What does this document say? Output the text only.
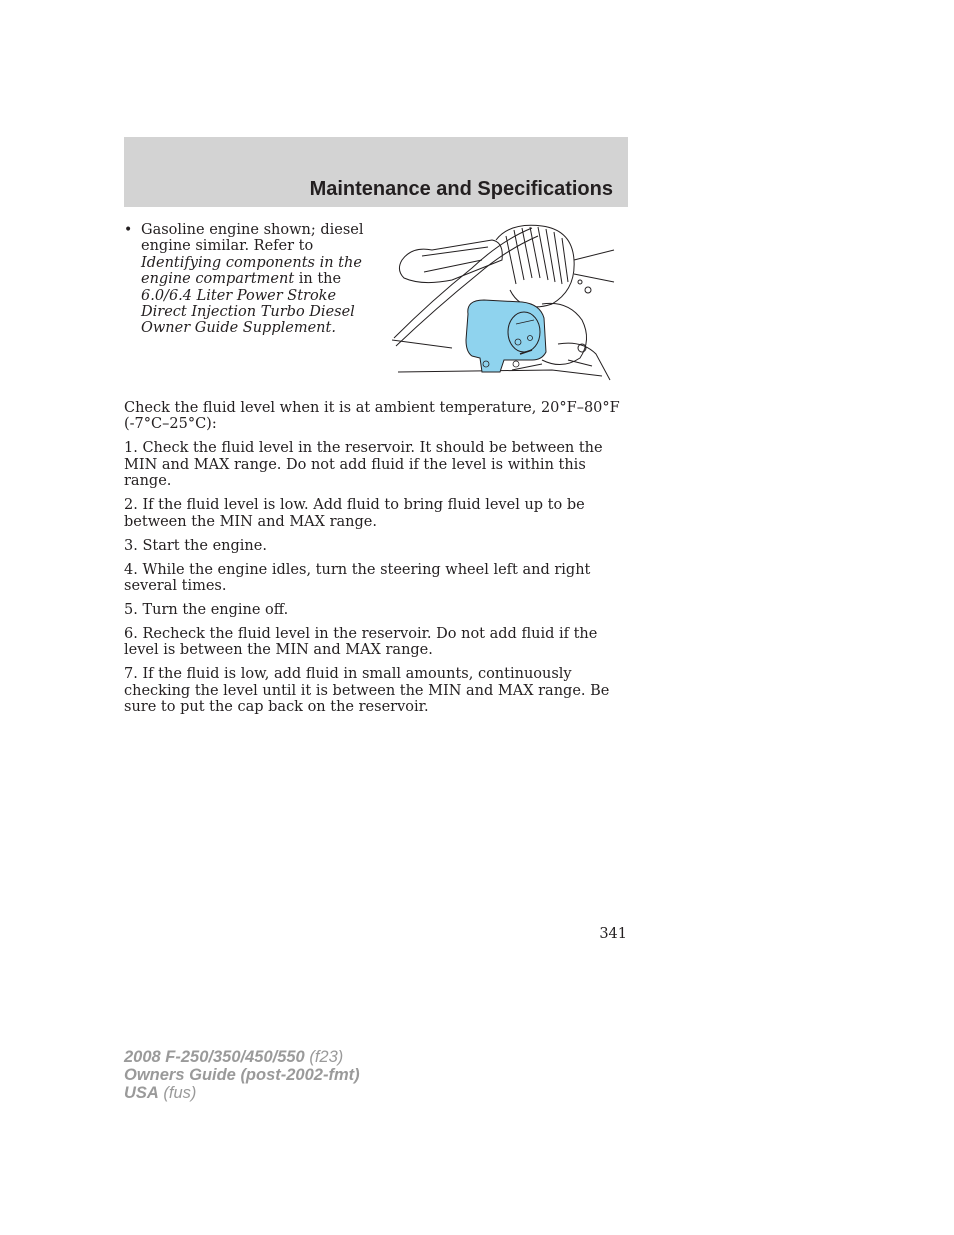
Maintenance and Specifications
• Gasoline engine shown; diesel engine similar. Refer to Identifying components in the engine compartment in the 6.0/6.4 Liter Power Stroke Direct Injection Turbo Diesel Owner Guide Supplement.

Check the fluid level when it is at ambient temperature, 20°F–80°F (-7°C–25°C):

1. Check the fluid level in the reservoir. It should be between the MIN and MAX range. Do not add fluid if the level is within this range.

2. If the fluid level is low. Add fluid to bring fluid level up to be between the MIN and MAX range.

3. Start the engine.

4. While the engine idles, turn the steering wheel left and right several times.

5. Turn the engine off.

6. Recheck the fluid level in the reservoir. Do not add fluid if the level is between the MIN and MAX range.

7. If the fluid is low, add fluid in small amounts, continuously checking the level until it is between the MIN and MAX range. Be sure to put the cap back on the reservoir.

341
2008 F-250/350/450/550 (f23)
Owners Guide (post-2002-fmt)
USA (fus)
